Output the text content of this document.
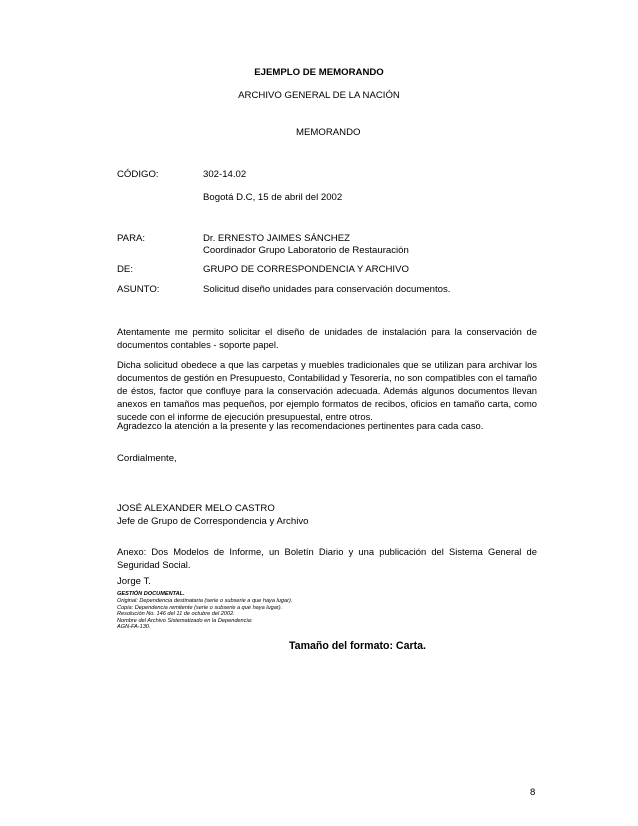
EJEMPLO DE MEMORANDO
ARCHIVO GENERAL DE LA NACIÓN
MEMORANDO
CÓDIGO:	302-14.02
Bogotá D.C, 15 de abril del 2002
PARA:	Dr. ERNESTO JAIMES SÁNCHEZ
Coordinador Grupo Laboratorio de Restauración
DE:	GRUPO DE CORRESPONDENCIA Y ARCHIVO
ASUNTO:	Solicitud diseño unidades para conservación documentos.
Atentamente me permito solicitar el diseño de unidades de instalación para la conservación de documentos contables - soporte papel.
Dicha solicitud obedece a que las carpetas y muebles tradicionales que se utilizan para archivar los documentos de gestión en Presupuesto, Contabilidad y Tesorería, no son compatibles con el tamaño de éstos, factor que confluye para la conservación adecuada. Además algunos documentos llevan anexos en tamaños mas pequeños, por ejemplo formatos de recibos, oficios en tamaño carta, como sucede con el informe de ejecución presupuestal, entre otros.
Agradezco la atención a la presente y las recomendaciones pertinentes para cada caso.
Cordialmente,
JOSÉ ALEXANDER MELO CASTRO
Jefe de Grupo de Correspondencia y Archivo
Anexo: Dos Modelos de Informe, un Boletín Diario y una publicación del Sistema General de Seguridad Social.
Jorge T.
GESTIÓN DOCUMENTAL.
Original: Dependencia destinataria (serie o subserie a que haya lugar).
Copia: Dependencia remitente (serie o subserie a que haya lugar).
Resolución No. 146 del 11 de octubre del 2002.
Nombre del Archivo Sistematizado en la Dependencia:
AGN-FA-130.
Tamaño del formato: Carta.
8
